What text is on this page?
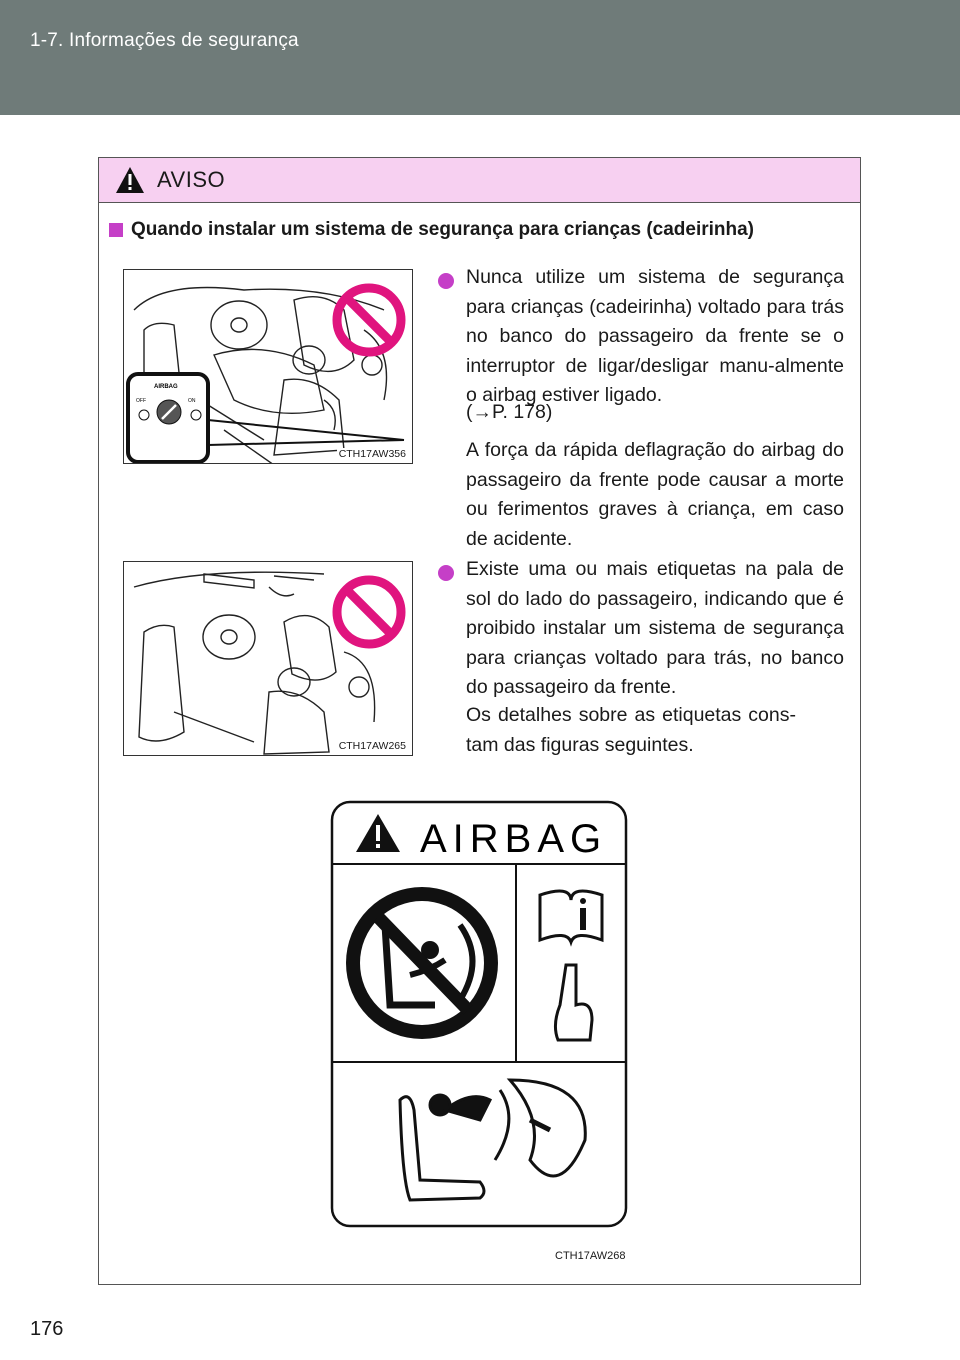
1-7. Informações de segurança
AVISO
Quando instalar um sistema de segurança para crianças (cadeirinha)
AIRBAG
OFF	ON
CTH17AW356
CTH17AW265
Nunca utilize um sistema de segurança para crianças (cadeirinha) voltado para trás no banco do passageiro da frente se o interruptor de ligar/desligar manu-almente o airbag estiver ligado.
(→P. 178)
A força da rápida deflagração do airbag do passageiro da frente pode causar a morte ou ferimentos graves à criança, em caso de acidente.
Existe uma ou mais etiquetas na pala de sol do lado do passageiro, indicando que é proibido instalar um sistema de segurança para crianças voltado para trás, no banco do passageiro da frente.
Os detalhes sobre as etiquetas cons-tam das figuras seguintes.
AIRBAG
CTH17AW268
176
